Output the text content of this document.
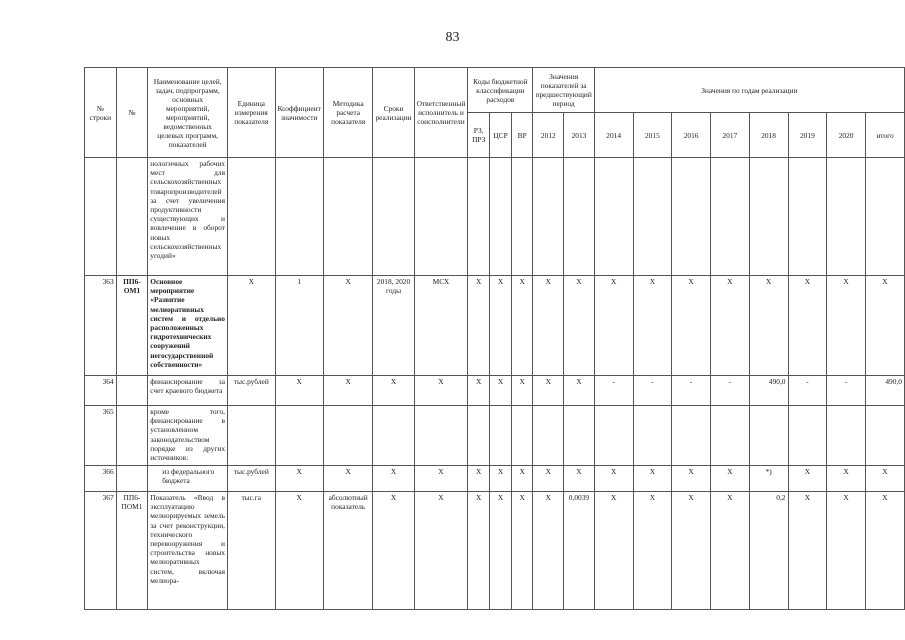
83
№ строки	№	Наименование целей, задач, подпрограмм, основных мероприятий, мероприятий, ведомственных целевых программ, показателей	Единица измерения показателя	Коэффициент значимости	Методика расчета показателя	Сроки реализации	Ответственный исполнитель и соисполнители	Коды бюджетной классификации расходов			Значения показателей за предшествующий период		Значения по годам реализации							
								РЗ, ПРЗ	ЦСР	ВР	2012	2013	2014	2015	2016	2017	2018	2019	2020	итого
		нологичных рабочих мест для сельскохозяйственных товаропроизводителей за счет увеличения продуктивности существующих и вовлечение в оборот новых сельскохозяйственных угодий»																		
363	ПП6-ОМ1	Основное мероприятие «Развитие мелиоративных систем и отдельно расположенных гидротехнических сооружений негосударственной собственности»	X	1	X	2018, 2020 годы	МСХ	X	X	X	X	X	X	X	X	X	X	X	X	X
364		финансирование за счет краевого бюджета	тыс.рублей	X	X	X	X	X	X	X	X	X	-	-	-	-	490,0	-	-	490,0
365		кроме того, финансирование в установленном законодательством порядке из других источников:																		
366		из федерального бюджета	тыс.рублей	X	X	X	X	X	X	X	X	X	X	X	X	X	*)	X	X	X
367	ПП6-ПОМ1	Показатель «Ввод в эксплуатацию мелиорируемых земель за счет реконструкции, технического перевооружения и строительства новых мелиоративных систем, включая мелиора-	тыс.га	X	абсолютный показатель	X	X	X	X	X	X	0,0039	X	X	X	X	0,2	X	X	X
